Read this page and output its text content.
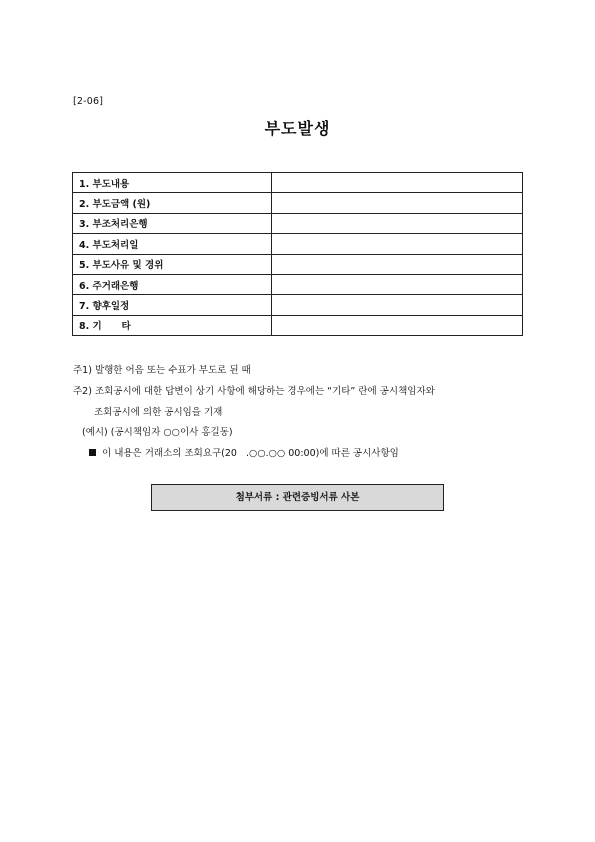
[2-06]
부도발생
1. 부도내용	
2. 부도금액 (원)	
3. 부조처리은행	
4. 부도처리일	
5. 부도사유 및 경위	
6. 주거래은행	
7. 향후일정	
8. 기      타	
주1) 발행한 어음 또는 수표가 부도로 된 때
주2) 조회공시에 대한 답변이 상기 사항에 해당하는 경우에는 “기타” 란에 공시책임자와
조회공시에 의한 공시임을 기재
(예시) (공시책임자 ○○이사 홍길동)
이 내용은 거래소의 조회요구(20   .○○.○○ 00:00)에 따른 공시사항임
첨부서류 : 관련증빙서류 사본
